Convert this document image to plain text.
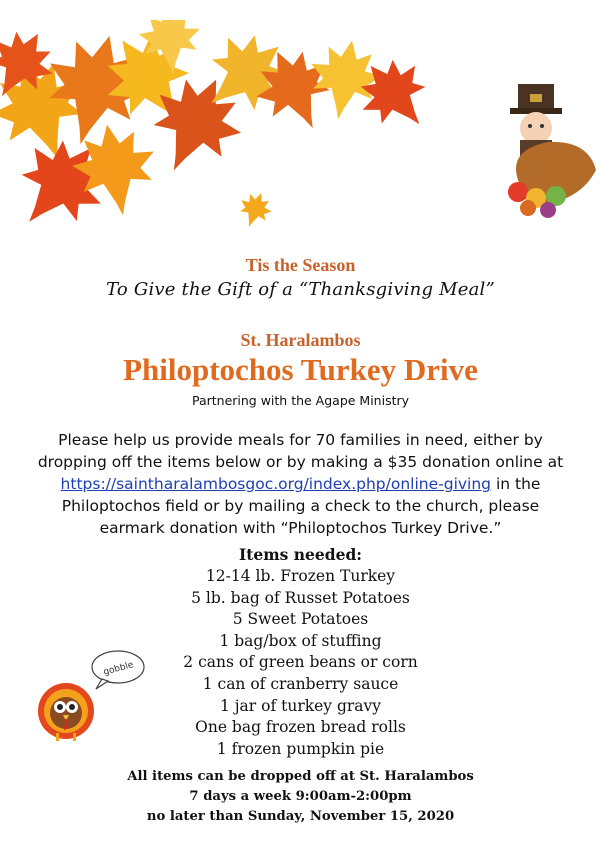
Tis the Season
To Give the Gift of a “Thanksgiving Meal”
St. Haralambos
Philoptochos Turkey Drive
Partnering with the Agape Ministry
Please help us provide meals for 70 families in need, either by
dropping off the items below or by making a $35 donation online at
https://saintharalambosgoc.org/index.php/online-giving in the
Philoptochos field or by mailing a check to the church, please
earmark donation with “Philoptochos Turkey Drive.”
Items needed:
12-14 lb. Frozen Turkey
5 lb. bag of Russet Potatoes
5 Sweet Potatoes
1 bag/box of stuffing
2 cans of green beans or corn
1 can of cranberry sauce
1 jar of turkey gravy
One bag frozen bread rolls
1 frozen pumpkin pie
gobble
All items can be dropped off at St. Haralambos
7 days a week 9:00am-2:00pm
no later than Sunday, November 15, 2020
